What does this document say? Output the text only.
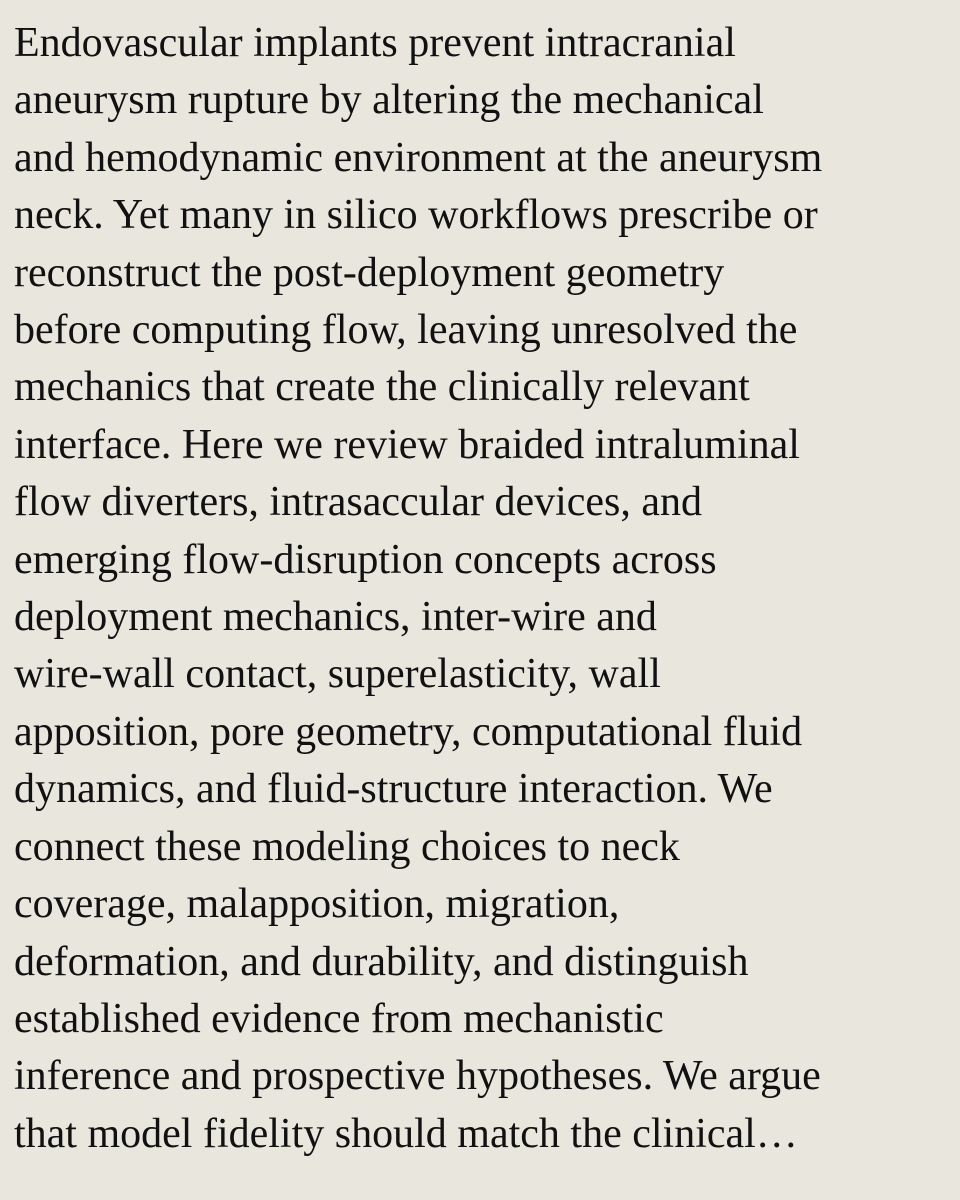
Endovascular implants prevent intracranial
aneurysm rupture by altering the mechanical
and hemodynamic environment at the aneurysm
neck. Yet many in silico workflows prescribe or
reconstruct the post-deployment geometry
before computing flow, leaving unresolved the
mechanics that create the clinically relevant
interface. Here we review braided intraluminal
flow diverters, intrasaccular devices, and
emerging flow-disruption concepts across
deployment mechanics, inter-wire and
wire-wall contact, superelasticity, wall
apposition, pore geometry, computational fluid
dynamics, and fluid-structure interaction. We
connect these modeling choices to neck
coverage, malapposition, migration,
deformation, and durability, and distinguish
established evidence from mechanistic
inference and prospective hypotheses. We argue
that model fidelity should match the clinical…
